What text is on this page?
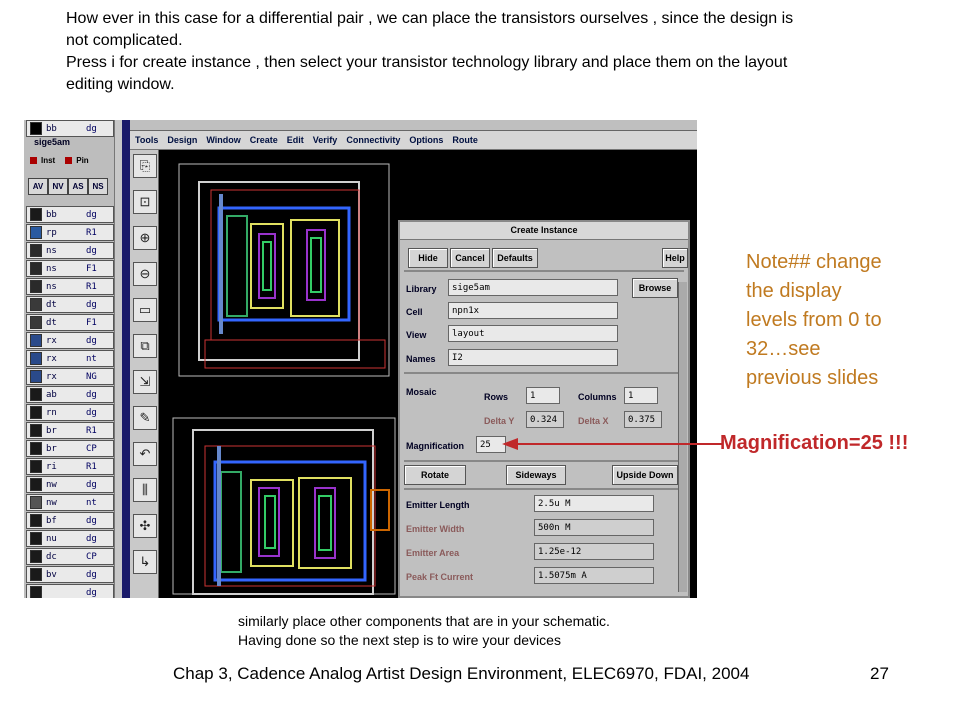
How ever in this case for a differential pair , we can place the transistors ourselves , since the design is
not complicated.
Press i for create instance , then select your transistor technology library and place them on the layout
editing window.
bb	dg
sige5am
Inst	Pin
AV	NV	AS	NS
bb	dg
rp	R1
ns	dg
ns	F1
ns	R1
dt	dg
dt	F1
rx	dg
rx	nt
rx	NG
ab	dg
rn	dg
br	R1
br	CP
ri	R1
nw	dg
nw	nt
bf	dg
nu	dg
dc	CP
bv	dg
dg
Tools Design Window Create Edit Verify Connectivity Options Route
⎘
⊡
⊕
⊖
▭
⧉
⇲
✎
↶
⫼
✣
↳
Create Instance
Hide	Cancel	Defaults	Help
Library	sige5am	Browse
Cell	npn1x
View	layout
Names	I2
Mosaic	Rows	1	Columns	1
Delta Y	0.324	Delta X	0.375
Magnification	25
Rotate	Sideways	Upside Down
Emitter Length	2.5u M
Emitter Width	500n M
Emitter Area	1.25e-12
Peak Ft Current	1.5075m A
Note## change
the display
levels from 0 to
32…see
previous slides
Magnification=25 !!!
similarly place other components that are in your schematic.
Having done so the next step is to wire your devices
Chap 3, Cadence Analog Artist Design Environment, ELEC6970, FDAI, 2004	27
